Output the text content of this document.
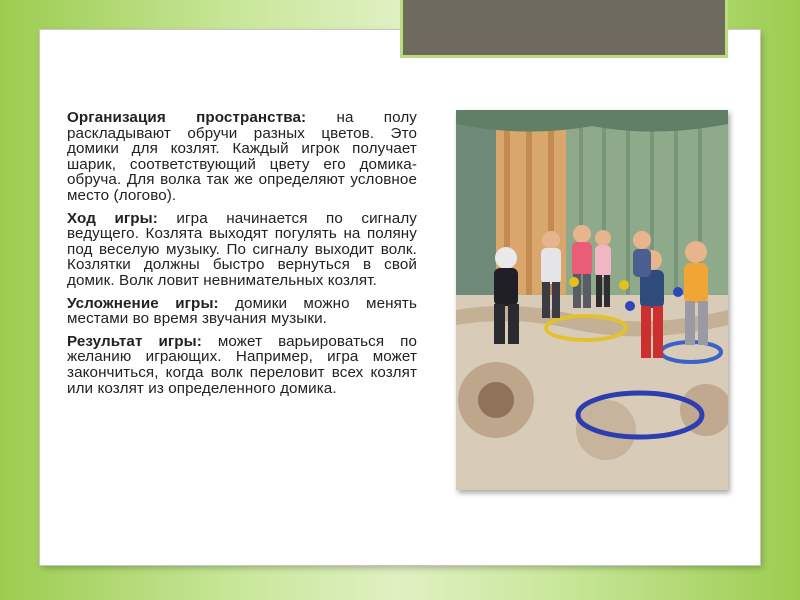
Организация пространства: на полу раскладывают обручи разных цветов. Это домики для козлят. Каждый игрок получает шарик, соответствующий цвету его домика-обруча. Для волка так же определяют условное место (логово).

Ход игры: игра начинается по сигналу ведущего. Козлята выходят погулять на поляну под веселую музыку. По сигналу выходит волк. Козлятки должны быстро вернуться в свой домик. Волк ловит невнимательных козлят.

Усложнение игры: домики можно менять местами во время звучания музыки.

Результат игры: может варьироваться по желанию играющих. Например, игра может закончиться, когда волк переловит всех козлят или козлят из определенного домика.
